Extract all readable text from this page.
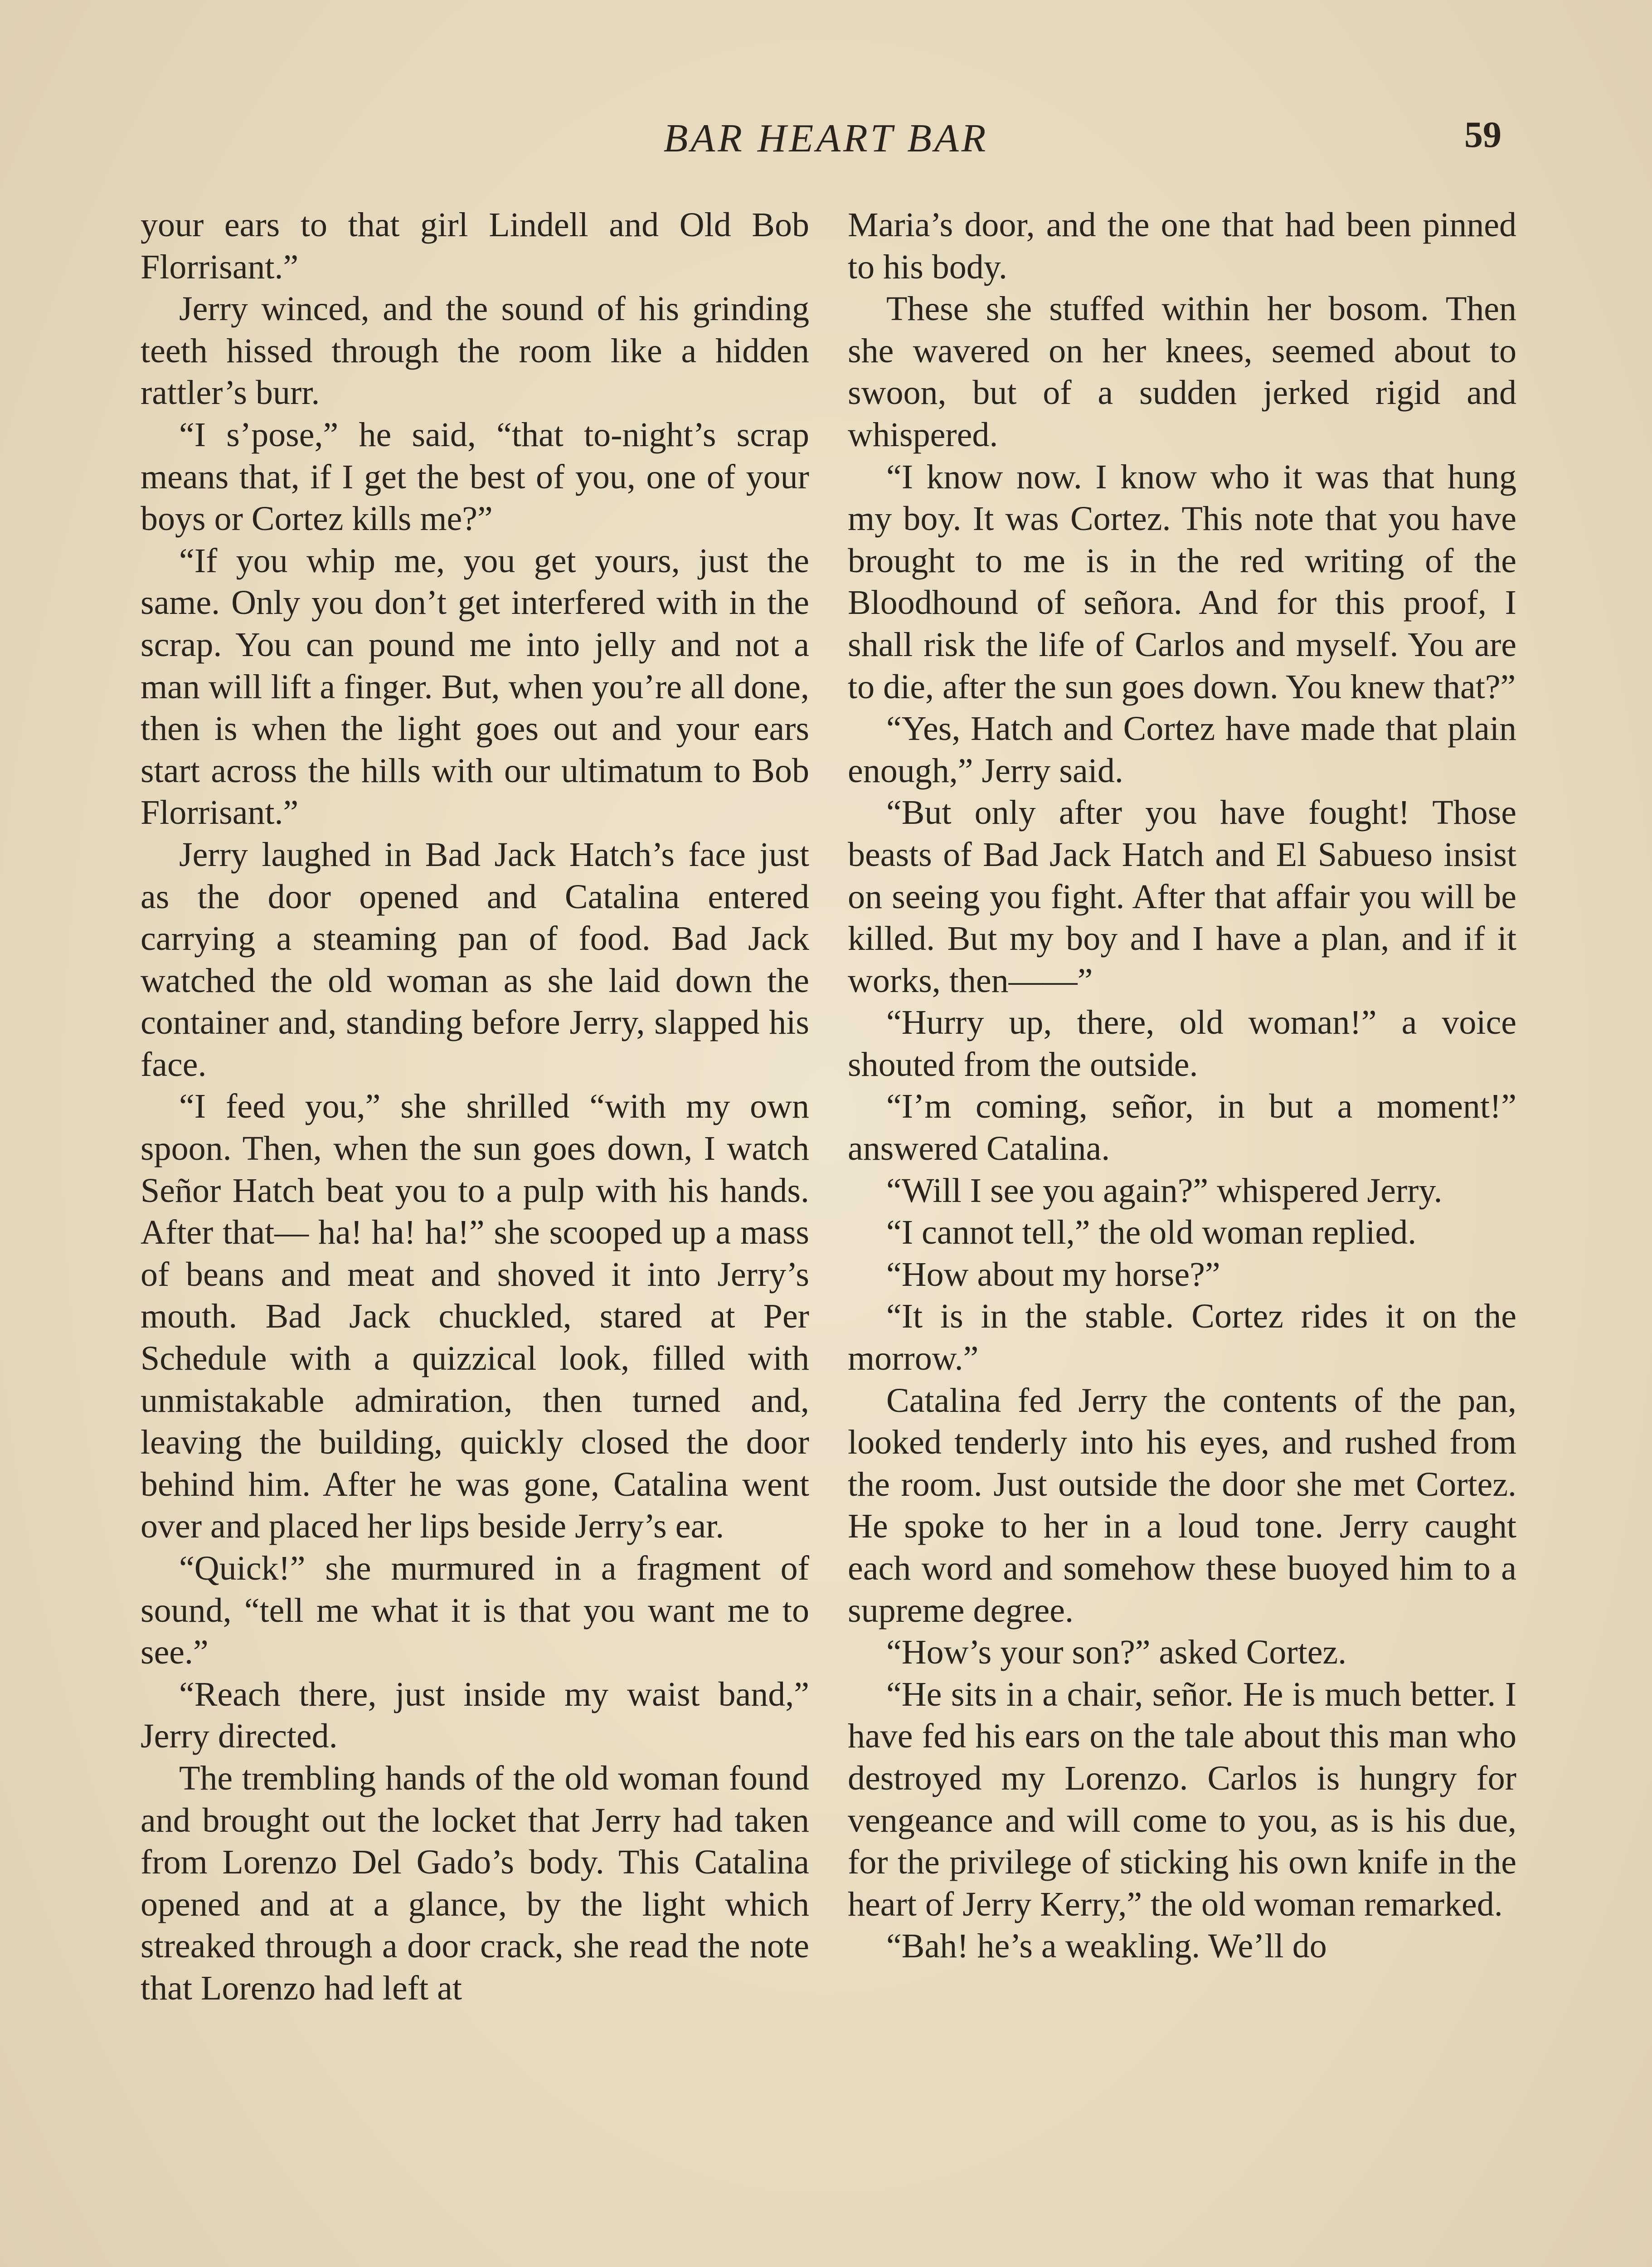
BAR HEART BAR	59

your ears to that girl Lindell and Old Bob Florrisant.”

Jerry winced, and the sound of his grinding teeth hissed through the room like a hidden rattler’s burr.

“I s’pose,” he said, “that to-night’s scrap means that, if I get the best of you, one of your boys or Cortez kills me?”

“If you whip me, you get yours, just the same. Only you don’t get interfered with in the scrap. You can pound me into jelly and not a man will lift a finger. But, when you’re all done, then is when the light goes out and your ears start across the hills with our ultimatum to Bob Florrisant.”

Jerry laughed in Bad Jack Hatch’s face just as the door opened and Catalina entered carrying a steaming pan of food. Bad Jack watched the old woman as she laid down the container and, standing before Jerry, slapped his face.

“I feed you,” she shrilled “with my own spoon. Then, when the sun goes down, I watch Señor Hatch beat you to a pulp with his hands. After that— ha! ha! ha!” she scooped up a mass of beans and meat and shoved it into Jerry’s mouth. Bad Jack chuckled, stared at Per Schedule with a quizzical look, filled with unmistakable admiration, then turned and, leaving the building, quickly closed the door behind him. After he was gone, Catalina went over and placed her lips beside Jerry’s ear.

“Quick!” she murmured in a fragment of sound, “tell me what it is that you want me to see.”

“Reach there, just inside my waist band,” Jerry directed.

The trembling hands of the old woman found and brought out the locket that Jerry had taken from Lorenzo Del Gado’s body. This Catalina opened and at a glance, by the light which streaked through a door crack, she read the note that Lorenzo had left at

Maria’s door, and the one that had been pinned to his body.

These she stuffed within her bosom. Then she wavered on her knees, seemed about to swoon, but of a sudden jerked rigid and whispered.

“I know now. I know who it was that hung my boy. It was Cortez. This note that you have brought to me is in the red writing of the Bloodhound of señora. And for this proof, I shall risk the life of Carlos and myself. You are to die, after the sun goes down. You knew that?”

“Yes, Hatch and Cortez have made that plain enough,” Jerry said.

“But only after you have fought! Those beasts of Bad Jack Hatch and El Sabueso insist on seeing you fight. After that affair you will be killed. But my boy and I have a plan, and if it works, then——”

“Hurry up, there, old woman!” a voice shouted from the outside.

“I’m coming, señor, in but a moment!” answered Catalina.

“Will I see you again?” whispered Jerry.

“I cannot tell,” the old woman replied.

“How about my horse?”

“It is in the stable. Cortez rides it on the morrow.”

Catalina fed Jerry the contents of the pan, looked tenderly into his eyes, and rushed from the room. Just outside the door she met Cortez. He spoke to her in a loud tone. Jerry caught each word and somehow these buoyed him to a supreme degree.

“How’s your son?” asked Cortez.

“He sits in a chair, señor. He is much better. I have fed his ears on the tale about this man who destroyed my Lorenzo. Carlos is hungry for vengeance and will come to you, as is his due, for the privilege of sticking his own knife in the heart of Jerry Kerry,” the old woman remarked.

“Bah! he’s a weakling. We’ll do
